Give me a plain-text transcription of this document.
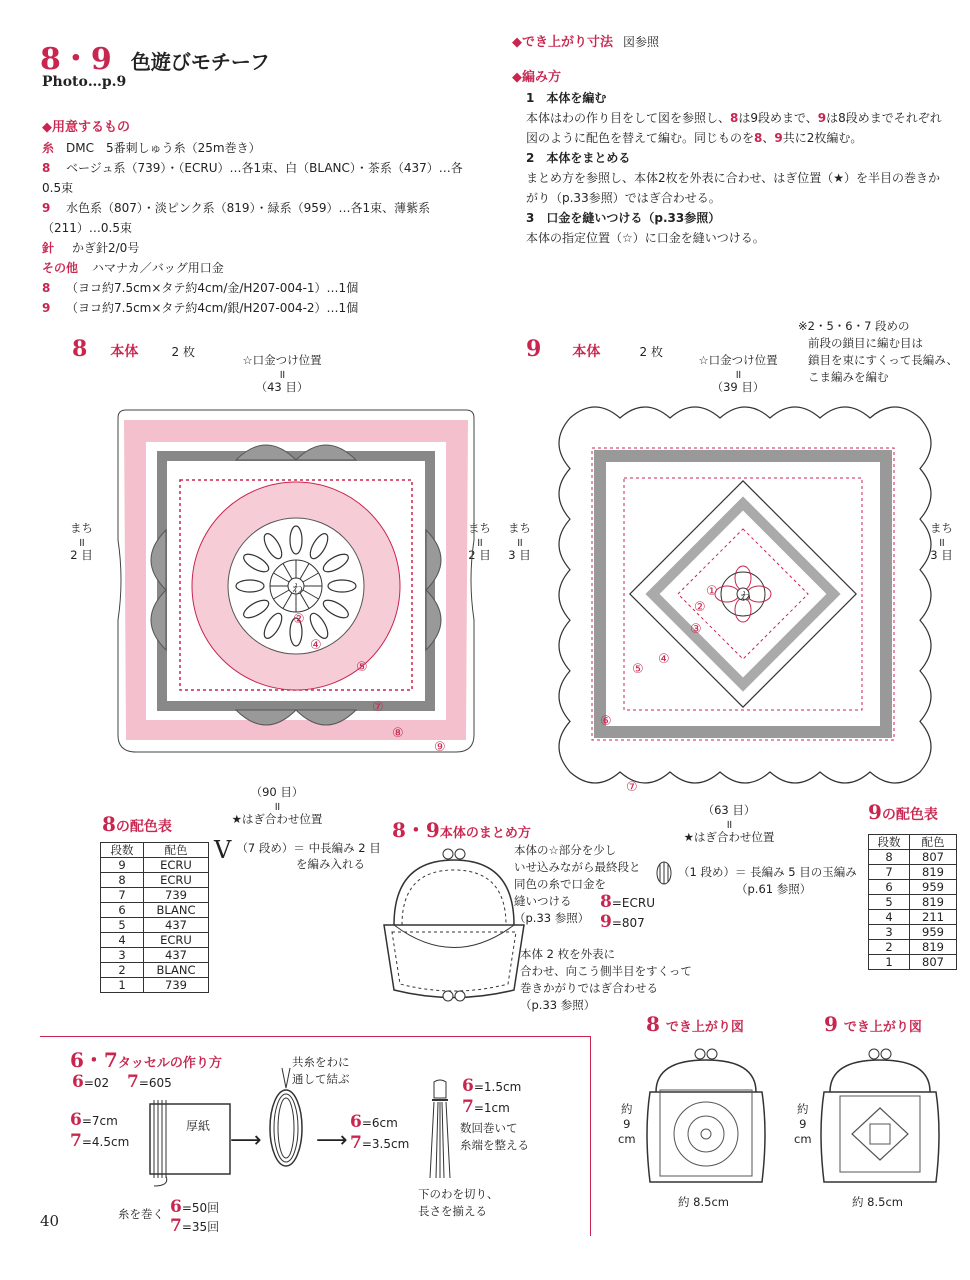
8・9 色遊びモチーフ
Photo…p.9
◆用意するもの
糸 DMC　5番刺しゅう糸（25m巻き）
8 ベージュ系（739）・（ECRU）…各1束、白（BLANC）・茶系（437）…各
0.5束
9 水色系（807）・淡ピンク系（819）・緑系（959）…各1束、薄紫系
（211）…0.5束
針 かぎ針2/0号
その他 ハマナカ／バッグ用口金
8 （ヨコ約7.5cm×タテ約4cm/金/H207-004-1）…1個
9 （ヨコ約7.5cm×タテ約4cm/銀/H207-004-2）…1個
◆でき上がり寸法 図参照
◆編み方
1　本体を編む
本体はわの作り目をして図を参照し、8は9段めまで、9は8段めまでそれぞれ
図のように配色を替えて編む。同じものを8、9共に2枚編む。
2　本体をまとめる
まとめ方を参照し、本体2枚を外表に合わせ、はぎ位置（★）を半目の巻きか
がり（p.33参照）ではぎ合わせる。
3　口金を縫いつける（p.33参照）
本体の指定位置（☆）に口金を縫いつける。
8 本体	2 枚
☆口金つけ位置
॥
（43 目）
まち
॥
2 目
まち
॥
2 目
（90 目）
॥
★はぎ合わせ位置
②
④
⑤
⑦
⑧
⑨
わ
9 本体	2 枚
※2・5・6・7 段めの
前段の鎖目に編む目は
鎖目を束にすくって長編み、
こま編みを編む
☆口金つけ位置
॥
（39 目）
まち
॥
3 目
まち
॥
3 目
（63 目）
॥
★はぎ合わせ位置
①
②
③
④
⑤
⑥
⑦
わ
8の配色表
段数	配色
9	ECRU
8	ECRU
7	739
6	BLANC
5	437
4	ECRU
3	437
2	BLANC
1	739
V $^{(7 段め)= 中長編み 2 目}$
を編み入れる
8・9本体のまとめ方
本体の☆部分を少し
いせ込みながら最終段と
同色の糸で口金を
縫いつける
（p.33 参照）
8=ECRU
9=807
本体 2 枚を外表に
合わせ、向こう側半目をすくって
巻きかがりではぎ合わせる
（p.33 参照）
（1 段め）＝ 長編み 5 目の玉編み
（p.61 参照）
9の配色表
段数	配色
8	807
7	819
6	959
5	819
4	211
3	959
2	819
1	807
6・7タッセルの作り方
6=02 7=605
6=7cm
7=4.5cm
厚紙
⟶
糸を巻く 6=50回
7=35回
共糸をわに
通して結ぶ
⟶
6=6cm
7=3.5cm
6=1.5cm
7=1cm
数回巻いて
糸端を整える
下のわを切り、
長さを揃える
8 でき上がり図
約
9
cm
約 8.5cm
9 でき上がり図
約
9
cm
約 8.5cm
40
